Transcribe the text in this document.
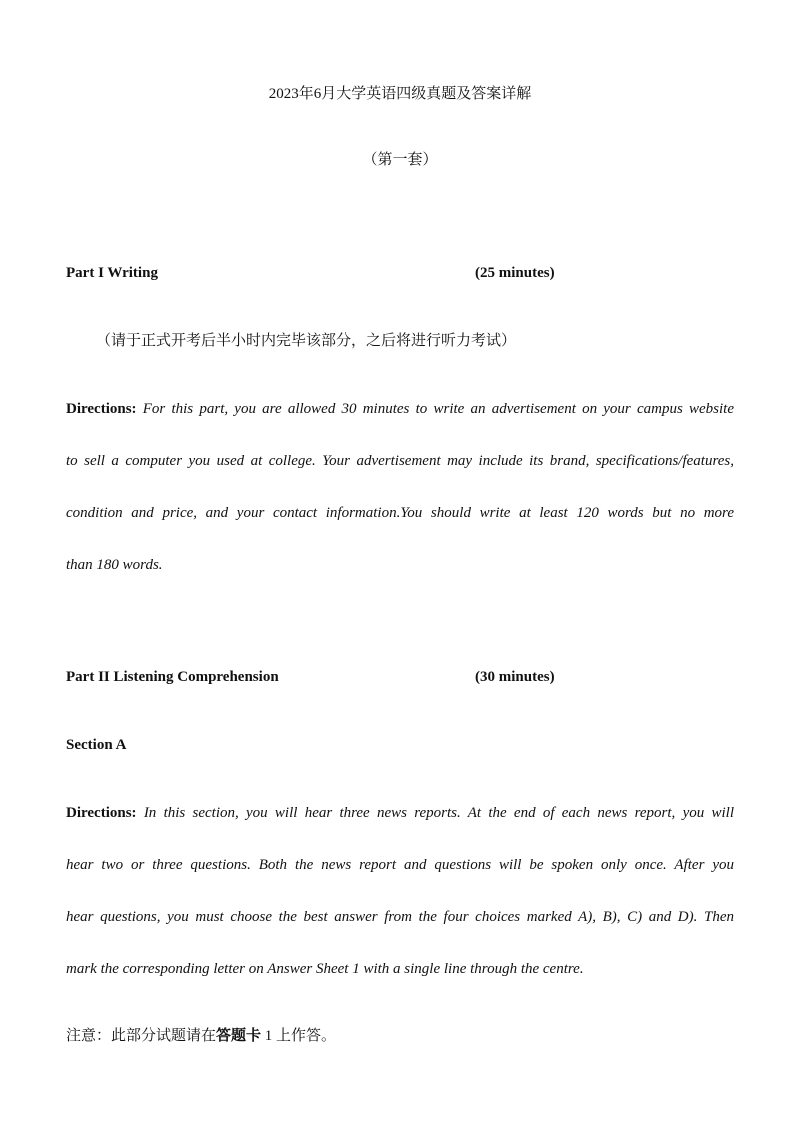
2023年6月大学英语四级真题及答案详解
（第一套）
Part I Writing	(25 minutes)
（请于正式开考后半小时内完毕该部分，之后将进行听力考试）
Directions: For this part, you are allowed 30 minutes to write an advertisement on your campus website
to sell a computer you used at college. Your advertisement may include its brand, specifications/features,
condition and price, and your contact information.You should write at least 120 words but no more
than 180 words.
Part II Listening Comprehension	(30 minutes)
Section A
Directions: In this section, you will hear three news reports. At the end of each news report, you will
hear two or three questions. Both the news report and questions will be spoken only once. After you
hear questions, you must choose the best answer from the four choices marked A), B), C) and D). Then
mark the corresponding letter on Answer Sheet 1 with a single line through the centre.
注意：此部分试题请在答题卡 1 上作答。
